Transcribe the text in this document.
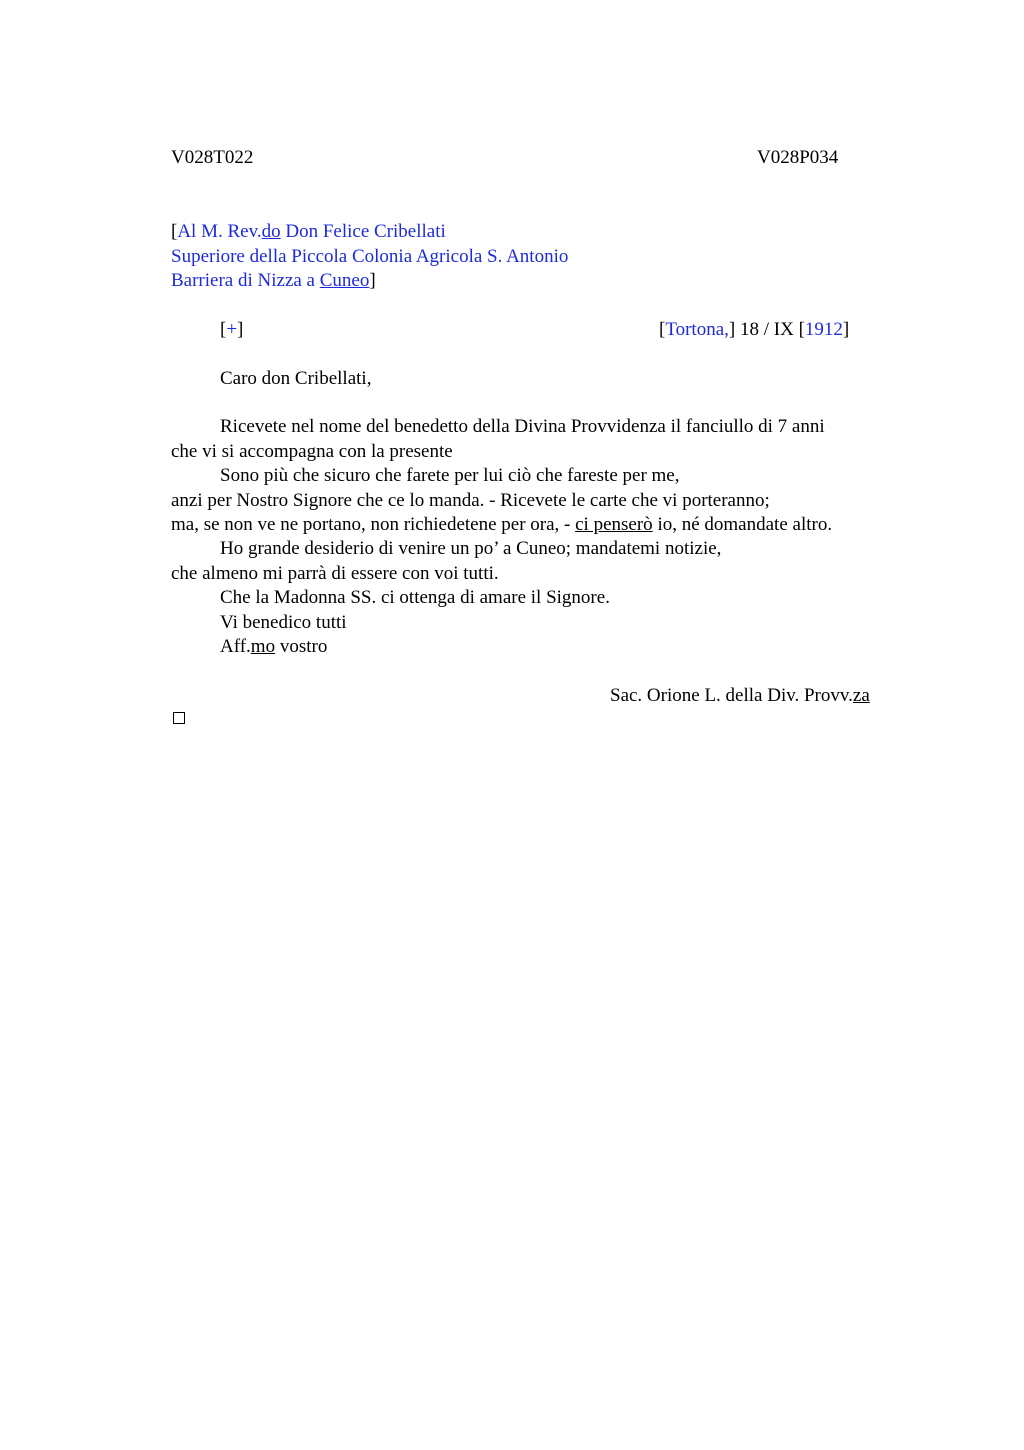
V028T022	V028P034
[Al M. Rev.do Don Felice Cribellati
Superiore della Piccola Colonia Agricola S. Antonio
Barriera di Nizza a Cuneo]
[+]	[Tortona,] 18 / IX [1912]
Caro don Cribellati,
Ricevete nel nome del benedetto della Divina Provvidenza il fanciullo di 7 anni
che vi si accompagna con la presente
Sono più che sicuro che farete per lui ciò che fareste per me,
anzi per Nostro Signore che ce lo manda. - Ricevete le carte che vi porteranno;
ma, se non ve ne portano, non richiedetene per ora, - ci penserò io, né domandate altro.
Ho grande desiderio di venire un po’ a Cuneo; mandatemi notizie,
che almeno mi parrà di essere con voi tutti.
Che la Madonna SS. ci ottenga di amare il Signore.
Vi benedico tutti
Aff.mo vostro
Sac. Orione L. della Div. Provv.za
